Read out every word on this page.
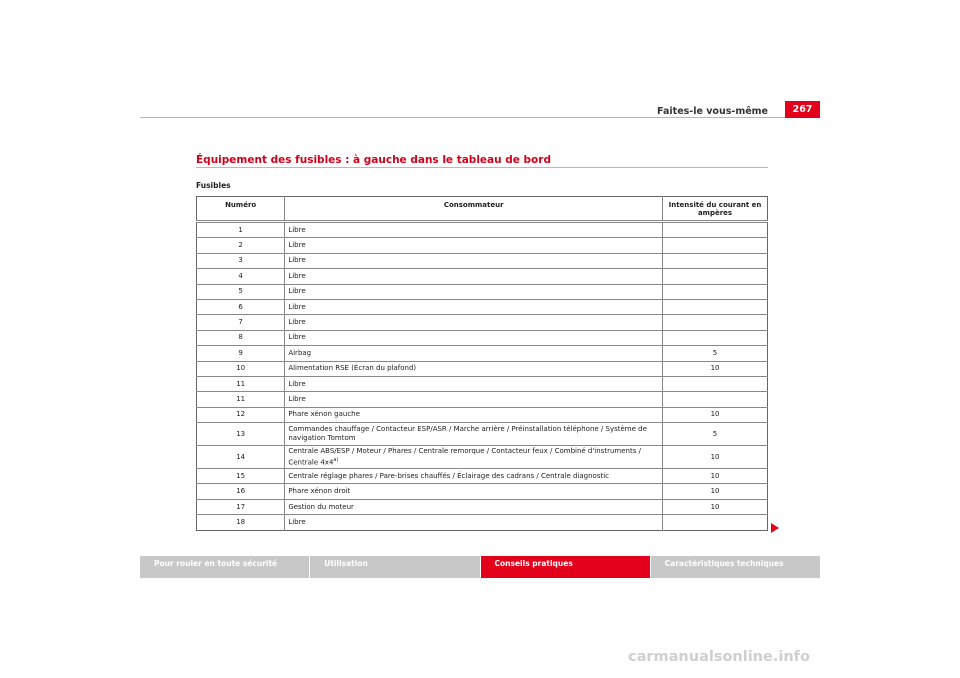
Faites-le vous-même	267
Équipement des fusibles : à gauche dans le tableau de bord
Fusibles
Numéro	Consommateur	Intensité du courant en ampères
1	Libre	
2	Libre	
3	Libre	
4	Libre	
5	Libre	
6	Libre	
7	Libre	
8	Libre	
9	Airbag	5
10	Alimentation RSE (Écran du plafond)	10
11	Libre	
11	Libre	
12	Phare xénon gauche	10
13	Commandes chauffage / Contacteur ESP/ASR / Marche arrière / Préinstallation téléphone / Système de navigation Tomtom	5
14	Centrale ABS/ESP / Moteur / Phares / Centrale remorque / Contacteur feux / Combiné d'instruments / Centrale 4x4$^{a)}$	10
15	Centrale réglage phares / Pare-brises chauffés / Éclairage des cadrans / Centrale diagnostic	10
16	Phare xénon droit	10
17	Gestion du moteur	10
18	Libre	
Pour rouler en toute sécurité	Utilisation	Conseils pratiques	Caractéristiques techniques
carmanualsonline.info
